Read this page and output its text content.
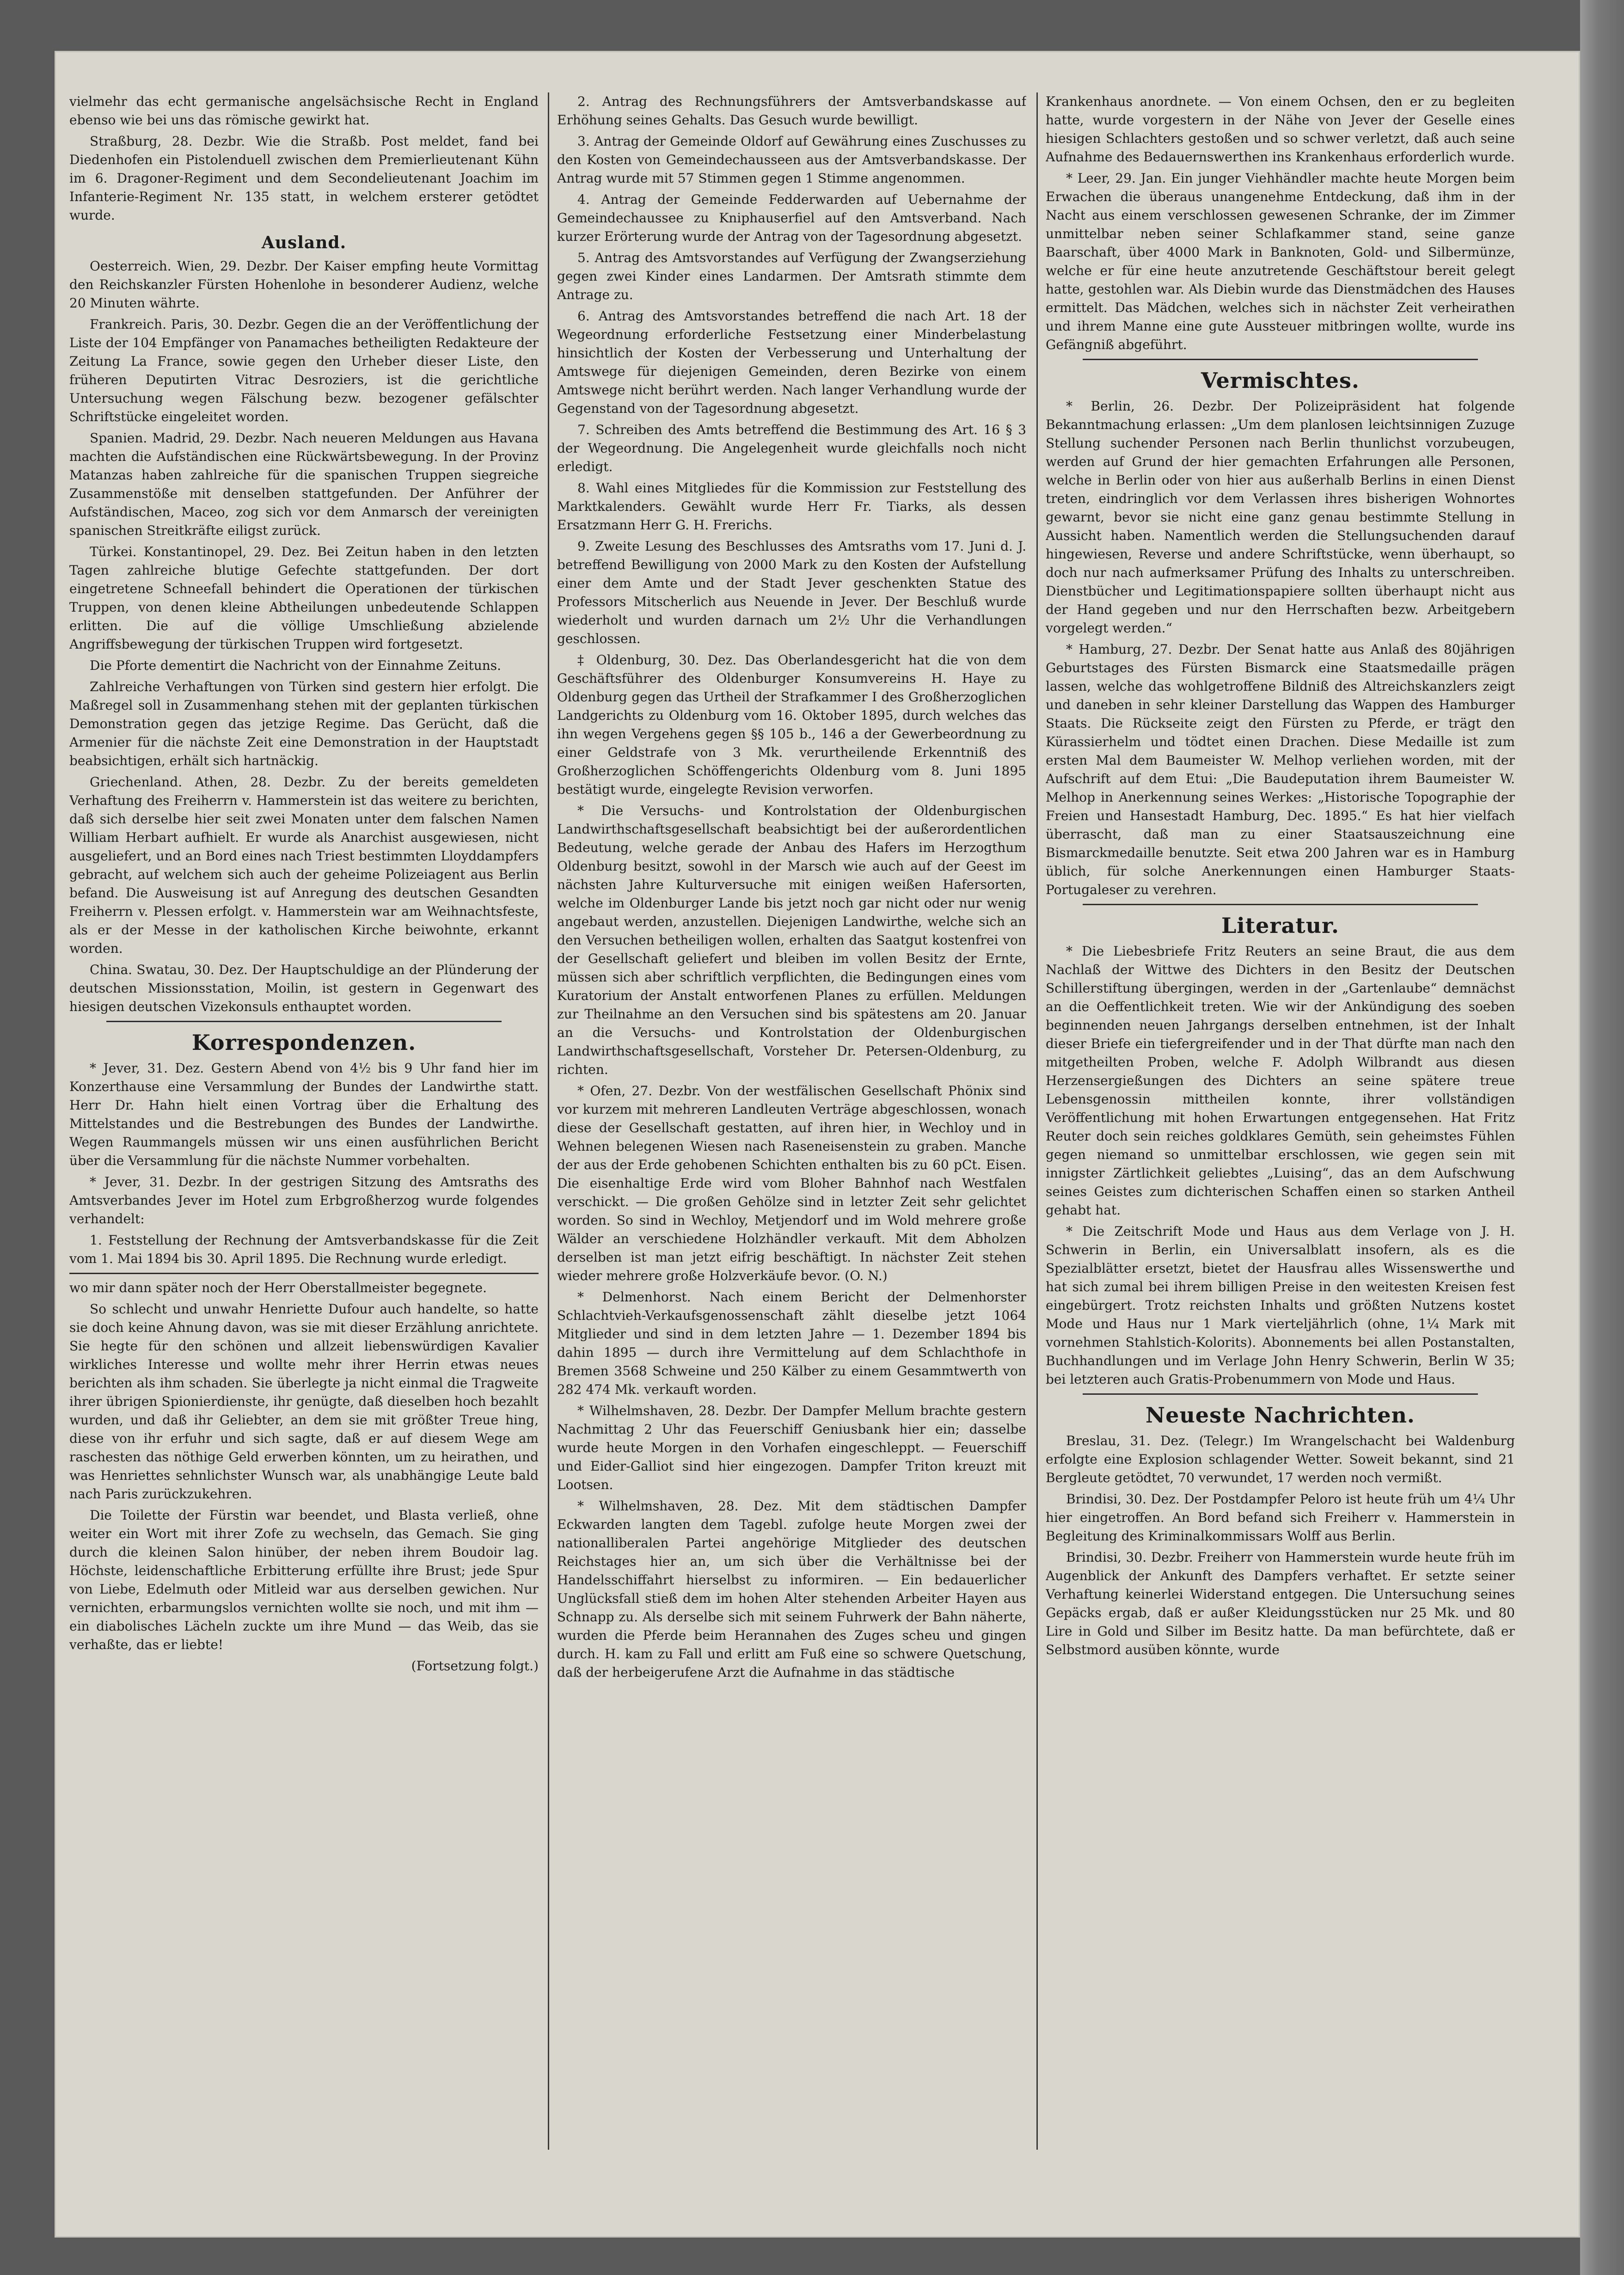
vielmehr das echt germanische angelsächsische Recht in England ebenso wie bei uns das römische gewirkt hat.

Straßburg, 28. Dezbr. Wie die Straßb. Post meldet, fand bei Diedenhofen ein Pistolenduell zwischen dem Premierlieutenant Kühn im 6. Dragoner-Regiment und dem Secondelieutenant Joachim im Infanterie-Regiment Nr. 135 statt, in welchem ersterer getödtet wurde.

Ausland.

Oesterreich. Wien, 29. Dezbr. Der Kaiser empfing heute Vormittag den Reichskanzler Fürsten Hohenlohe in besonderer Audienz, welche 20 Minuten währte.

Frankreich. Paris, 30. Dezbr. Gegen die an der Veröffentlichung der Liste der 104 Empfänger von Panamaches betheiligten Redakteure der Zeitung La France, sowie gegen den Urheber dieser Liste, den früheren Deputirten Vitrac Desroziers, ist die gerichtliche Untersuchung wegen Fälschung bezw. bezogener gefälschter Schriftstücke eingeleitet worden.

Spanien. Madrid, 29. Dezbr. Nach neueren Meldungen aus Havana machten die Aufständischen eine Rückwärtsbewegung. In der Provinz Matanzas haben zahlreiche für die spanischen Truppen siegreiche Zusammenstöße mit denselben stattgefunden. Der Anführer der Aufständischen, Maceo, zog sich vor dem Anmarsch der vereinigten spanischen Streitkräfte eiligst zurück.

Türkei. Konstantinopel, 29. Dez. Bei Zeitun haben in den letzten Tagen zahlreiche blutige Gefechte stattgefunden. Der dort eingetretene Schneefall behindert die Operationen der türkischen Truppen, von denen kleine Abtheilungen unbedeutende Schlappen erlitten. Die auf die völlige Umschließung abzielende Angriffsbewegung der türkischen Truppen wird fortgesetzt.

Die Pforte dementirt die Nachricht von der Einnahme Zeituns.

Zahlreiche Verhaftungen von Türken sind gestern hier erfolgt. Die Maßregel soll in Zusammenhang stehen mit der geplanten türkischen Demonstration gegen das jetzige Regime. Das Gerücht, daß die Armenier für die nächste Zeit eine Demonstration in der Hauptstadt beabsichtigen, erhält sich hartnäckig.

Griechenland. Athen, 28. Dezbr. Zu der bereits gemeldeten Verhaftung des Freiherrn v. Hammerstein ist das weitere zu berichten, daß sich derselbe hier seit zwei Monaten unter dem falschen Namen William Herbart aufhielt. Er wurde als Anarchist ausgewiesen, nicht ausgeliefert, und an Bord eines nach Triest bestimmten Lloyddampfers gebracht, auf welchem sich auch der geheime Polizeiagent aus Berlin befand. Die Ausweisung ist auf Anregung des deutschen Gesandten Freiherrn v. Plessen erfolgt. v. Hammerstein war am Weihnachtsfeste, als er der Messe in der katholischen Kirche beiwohnte, erkannt worden.

China. Swatau, 30. Dez. Der Hauptschuldige an der Plünderung der deutschen Missionsstation, Moilin, ist gestern in Gegenwart des hiesigen deutschen Vizekonsuls enthauptet worden.

Korrespondenzen.

* Jever, 31. Dez. Gestern Abend von 4½ bis 9 Uhr fand hier im Konzerthause eine Versammlung der Bundes der Landwirthe statt. Herr Dr. Hahn hielt einen Vortrag über die Erhaltung des Mittelstandes und die Bestrebungen des Bundes der Landwirthe. Wegen Raummangels müssen wir uns einen ausführlichen Bericht über die Versammlung für die nächste Nummer vorbehalten.

* Jever, 31. Dezbr. In der gestrigen Sitzung des Amtsraths des Amtsverbandes Jever im Hotel zum Erbgroßherzog wurde folgendes verhandelt:

1. Feststellung der Rechnung der Amtsverbandskasse für die Zeit vom 1. Mai 1894 bis 30. April 1895. Die Rechnung wurde erledigt.

wo mir dann später noch der Herr Oberstallmeister begegnete.

So schlecht und unwahr Henriette Dufour auch handelte, so hatte sie doch keine Ahnung davon, was sie mit dieser Erzählung anrichtete. Sie hegte für den schönen und allzeit liebenswürdigen Kavalier wirkliches Interesse und wollte mehr ihrer Herrin etwas neues berichten als ihm schaden. Sie überlegte ja nicht einmal die Tragweite ihrer übrigen Spionierdienste, ihr genügte, daß dieselben hoch bezahlt wurden, und daß ihr Geliebter, an dem sie mit größter Treue hing, diese von ihr erfuhr und sich sagte, daß er auf diesem Wege am raschesten das nöthige Geld erwerben könnten, um zu heirathen, und was Henriettes sehnlichster Wunsch war, als unabhängige Leute bald nach Paris zurückzukehren.

Die Toilette der Fürstin war beendet, und Blasta verließ, ohne weiter ein Wort mit ihrer Zofe zu wechseln, das Gemach. Sie ging durch die kleinen Salon hinüber, der neben ihrem Boudoir lag. Höchste, leidenschaftliche Erbitterung erfüllte ihre Brust; jede Spur von Liebe, Edelmuth oder Mitleid war aus derselben gewichen. Nur vernichten, erbarmungslos vernichten wollte sie noch, und mit ihm — ein diabolisches Lächeln zuckte um ihre Mund — das Weib, das sie verhaßte, das er liebte!

(Fortsetzung folgt.)

2. Antrag des Rechnungsführers der Amtsverbandskasse auf Erhöhung seines Gehalts. Das Gesuch wurde bewilligt.

3. Antrag der Gemeinde Oldorf auf Gewährung eines Zuschusses zu den Kosten von Gemeindechausseen aus der Amtsverbandskasse. Der Antrag wurde mit 57 Stimmen gegen 1 Stimme angenommen.

4. Antrag der Gemeinde Fedderwarden auf Uebernahme der Gemeindechaussee zu Kniphauserfiel auf den Amtsverband. Nach kurzer Erörterung wurde der Antrag von der Tagesordnung abgesetzt.

5. Antrag des Amtsvorstandes auf Verfügung der Zwangserziehung gegen zwei Kinder eines Landarmen. Der Amtsrath stimmte dem Antrage zu.

6. Antrag des Amtsvorstandes betreffend die nach Art. 18 der Wegeordnung erforderliche Festsetzung einer Minderbelastung hinsichtlich der Kosten der Verbesserung und Unterhaltung der Amtswege für diejenigen Gemeinden, deren Bezirke von einem Amtswege nicht berührt werden. Nach langer Verhandlung wurde der Gegenstand von der Tagesordnung abgesetzt.

7. Schreiben des Amts betreffend die Bestimmung des Art. 16 § 3 der Wegeordnung. Die Angelegenheit wurde gleichfalls noch nicht erledigt.

8. Wahl eines Mitgliedes für die Kommission zur Feststellung des Marktkalenders. Gewählt wurde Herr Fr. Tiarks, als dessen Ersatzmann Herr G. H. Frerichs.

9. Zweite Lesung des Beschlusses des Amtsraths vom 17. Juni d. J. betreffend Bewilligung von 2000 Mark zu den Kosten der Aufstellung einer dem Amte und der Stadt Jever geschenkten Statue des Professors Mitscherlich aus Neuende in Jever. Der Beschluß wurde wiederholt und wurden darnach um 2½ Uhr die Verhandlungen geschlossen.

‡ Oldenburg, 30. Dez. Das Oberlandesgericht hat die von dem Geschäftsführer des Oldenburger Konsumvereins H. Haye zu Oldenburg gegen das Urtheil der Strafkammer I des Großherzoglichen Landgerichts zu Oldenburg vom 16. Oktober 1895, durch welches das ihn wegen Vergehens gegen §§ 105 b., 146 a der Gewerbeordnung zu einer Geldstrafe von 3 Mk. verurtheilende Erkenntniß des Großherzoglichen Schöffengerichts Oldenburg vom 8. Juni 1895 bestätigt wurde, eingelegte Revision verworfen.

* Die Versuchs- und Kontrolstation der Oldenburgischen Landwirthschaftsgesellschaft beabsichtigt bei der außerordentlichen Bedeutung, welche gerade der Anbau des Hafers im Herzogthum Oldenburg besitzt, sowohl in der Marsch wie auch auf der Geest im nächsten Jahre Kulturversuche mit einigen weißen Hafersorten, welche im Oldenburger Lande bis jetzt noch gar nicht oder nur wenig angebaut werden, anzustellen. Diejenigen Landwirthe, welche sich an den Versuchen betheiligen wollen, erhalten das Saatgut kostenfrei von der Gesellschaft geliefert und bleiben im vollen Besitz der Ernte, müssen sich aber schriftlich verpflichten, die Bedingungen eines vom Kuratorium der Anstalt entworfenen Planes zu erfüllen. Meldungen zur Theilnahme an den Versuchen sind bis spätestens am 20. Januar an die Versuchs- und Kontrolstation der Oldenburgischen Landwirthschaftsgesellschaft, Vorsteher Dr. Petersen-Oldenburg, zu richten.

* Ofen, 27. Dezbr. Von der westfälischen Gesellschaft Phönix sind vor kurzem mit mehreren Landleuten Verträge abgeschlossen, wonach diese der Gesellschaft gestatten, auf ihren hier, in Wechloy und in Wehnen belegenen Wiesen nach Raseneisenstein zu graben. Manche der aus der Erde gehobenen Schichten enthalten bis zu 60 pCt. Eisen. Die eisenhaltige Erde wird vom Bloher Bahnhof nach Westfalen verschickt. — Die großen Gehölze sind in letzter Zeit sehr gelichtet worden. So sind in Wechloy, Metjendorf und im Wold mehrere große Wälder an verschiedene Holzhändler verkauft. Mit dem Abholzen derselben ist man jetzt eifrig beschäftigt. In nächster Zeit stehen wieder mehrere große Holzverkäufe bevor. (O. N.)

* Delmenhorst. Nach einem Bericht der Delmenhorster Schlachtvieh-Verkaufsgenossenschaft zählt dieselbe jetzt 1064 Mitglieder und sind in dem letzten Jahre — 1. Dezember 1894 bis dahin 1895 — durch ihre Vermittelung auf dem Schlachthofe in Bremen 3568 Schweine und 250 Kälber zu einem Gesammtwerth von 282 474 Mk. verkauft worden.

* Wilhelmshaven, 28. Dezbr. Der Dampfer Mellum brachte gestern Nachmittag 2 Uhr das Feuerschiff Geniusbank hier ein; dasselbe wurde heute Morgen in den Vorhafen eingeschleppt. — Feuerschiff und Eider-Galliot sind hier eingezogen. Dampfer Triton kreuzt mit Lootsen.

* Wilhelmshaven, 28. Dez. Mit dem städtischen Dampfer Eckwarden langten dem Tagebl. zufolge heute Morgen zwei der nationalliberalen Partei angehörige Mitglieder des deutschen Reichstages hier an, um sich über die Verhältnisse bei der Handelsschiffahrt hierselbst zu informiren. — Ein bedauerlicher Unglücksfall stieß dem im hohen Alter stehenden Arbeiter Hayen aus Schnapp zu. Als derselbe sich mit seinem Fuhrwerk der Bahn näherte, wurden die Pferde beim Herannahen des Zuges scheu und gingen durch. H. kam zu Fall und erlitt am Fuß eine so schwere Quetschung, daß der herbeigerufene Arzt die Aufnahme in das städtische

Krankenhaus anordnete. — Von einem Ochsen, den er zu begleiten hatte, wurde vorgestern in der Nähe von Jever der Geselle eines hiesigen Schlachters gestoßen und so schwer verletzt, daß auch seine Aufnahme des Bedauernswerthen ins Krankenhaus erforderlich wurde.

* Leer, 29. Jan. Ein junger Viehhändler machte heute Morgen beim Erwachen die überaus unangenehme Entdeckung, daß ihm in der Nacht aus einem verschlossen gewesenen Schranke, der im Zimmer unmittelbar neben seiner Schlafkammer stand, seine ganze Baarschaft, über 4000 Mark in Banknoten, Gold- und Silbermünze, welche er für eine heute anzutretende Geschäftstour bereit gelegt hatte, gestohlen war. Als Diebin wurde das Dienstmädchen des Hauses ermittelt. Das Mädchen, welches sich in nächster Zeit verheirathen und ihrem Manne eine gute Aussteuer mitbringen wollte, wurde ins Gefängniß abgeführt.

Vermischtes.

* Berlin, 26. Dezbr. Der Polizeipräsident hat folgende Bekanntmachung erlassen: „Um dem planlosen leichtsinnigen Zuzuge Stellung suchender Personen nach Berlin thunlichst vorzubeugen, werden auf Grund der hier gemachten Erfahrungen alle Personen, welche in Berlin oder von hier aus außerhalb Berlins in einen Dienst treten, eindringlich vor dem Verlassen ihres bisherigen Wohnortes gewarnt, bevor sie nicht eine ganz genau bestimmte Stellung in Aussicht haben. Namentlich werden die Stellungsuchenden darauf hingewiesen, Reverse und andere Schriftstücke, wenn überhaupt, so doch nur nach aufmerksamer Prüfung des Inhalts zu unterschreiben. Dienstbücher und Legitimationspapiere sollten überhaupt nicht aus der Hand gegeben und nur den Herrschaften bezw. Arbeitgebern vorgelegt werden.“

* Hamburg, 27. Dezbr. Der Senat hatte aus Anlaß des 80jährigen Geburtstages des Fürsten Bismarck eine Staatsmedaille prägen lassen, welche das wohlgetroffene Bildniß des Altreichskanzlers zeigt und daneben in sehr kleiner Darstellung das Wappen des Hamburger Staats. Die Rückseite zeigt den Fürsten zu Pferde, er trägt den Kürassierhelm und tödtet einen Drachen. Diese Medaille ist zum ersten Mal dem Baumeister W. Melhop verliehen worden, mit der Aufschrift auf dem Etui: „Die Baudeputation ihrem Baumeister W. Melhop in Anerkennung seines Werkes: „Historische Topographie der Freien und Hansestadt Hamburg, Dec. 1895.“ Es hat hier vielfach überrascht, daß man zu einer Staatsauszeichnung eine Bismarckmedaille benutzte. Seit etwa 200 Jahren war es in Hamburg üblich, für solche Anerkennungen einen Hamburger Staats-Portugaleser zu verehren.

Literatur.

* Die Liebesbriefe Fritz Reuters an seine Braut, die aus dem Nachlaß der Wittwe des Dichters in den Besitz der Deutschen Schillerstiftung übergingen, werden in der „Gartenlaube“ demnächst an die Oeffentlichkeit treten. Wie wir der Ankündigung des soeben beginnenden neuen Jahrgangs derselben entnehmen, ist der Inhalt dieser Briefe ein tiefergreifender und in der That dürfte man nach den mitgetheilten Proben, welche F. Adolph Wilbrandt aus diesen Herzensergießungen des Dichters an seine spätere treue Lebensgenossin mittheilen konnte, ihrer vollständigen Veröffentlichung mit hohen Erwartungen entgegensehen. Hat Fritz Reuter doch sein reiches goldklares Gemüth, sein geheimstes Fühlen gegen niemand so unmittelbar erschlossen, wie gegen sein mit innigster Zärtlichkeit geliebtes „Luising“, das an dem Aufschwung seines Geistes zum dichterischen Schaffen einen so starken Antheil gehabt hat.

* Die Zeitschrift Mode und Haus aus dem Verlage von J. H. Schwerin in Berlin, ein Universalblatt insofern, als es die Spezialblätter ersetzt, bietet der Hausfrau alles Wissenswerthe und hat sich zumal bei ihrem billigen Preise in den weitesten Kreisen fest eingebürgert. Trotz reichsten Inhalts und größten Nutzens kostet Mode und Haus nur 1 Mark vierteljährlich (ohne, 1¼ Mark mit vornehmen Stahlstich-Kolorits). Abonnements bei allen Postanstalten, Buchhandlungen und im Verlage John Henry Schwerin, Berlin W 35; bei letzteren auch Gratis-Probenummern von Mode und Haus.

Neueste Nachrichten.

Breslau, 31. Dez. (Telegr.) Im Wrangelschacht bei Waldenburg erfolgte eine Explosion schlagender Wetter. Soweit bekannt, sind 21 Bergleute getödtet, 70 verwundet, 17 werden noch vermißt.

Brindisi, 30. Dez. Der Postdampfer Peloro ist heute früh um 4¼ Uhr hier eingetroffen. An Bord befand sich Freiherr v. Hammerstein in Begleitung des Kriminalkommissars Wolff aus Berlin.

Brindisi, 30. Dezbr. Freiherr von Hammerstein wurde heute früh im Augenblick der Ankunft des Dampfers verhaftet. Er setzte seiner Verhaftung keinerlei Widerstand entgegen. Die Untersuchung seines Gepäcks ergab, daß er außer Kleidungsstücken nur 25 Mk. und 80 Lire in Gold und Silber im Besitz hatte. Da man befürchtete, daß er Selbstmord ausüben könnte, wurde
